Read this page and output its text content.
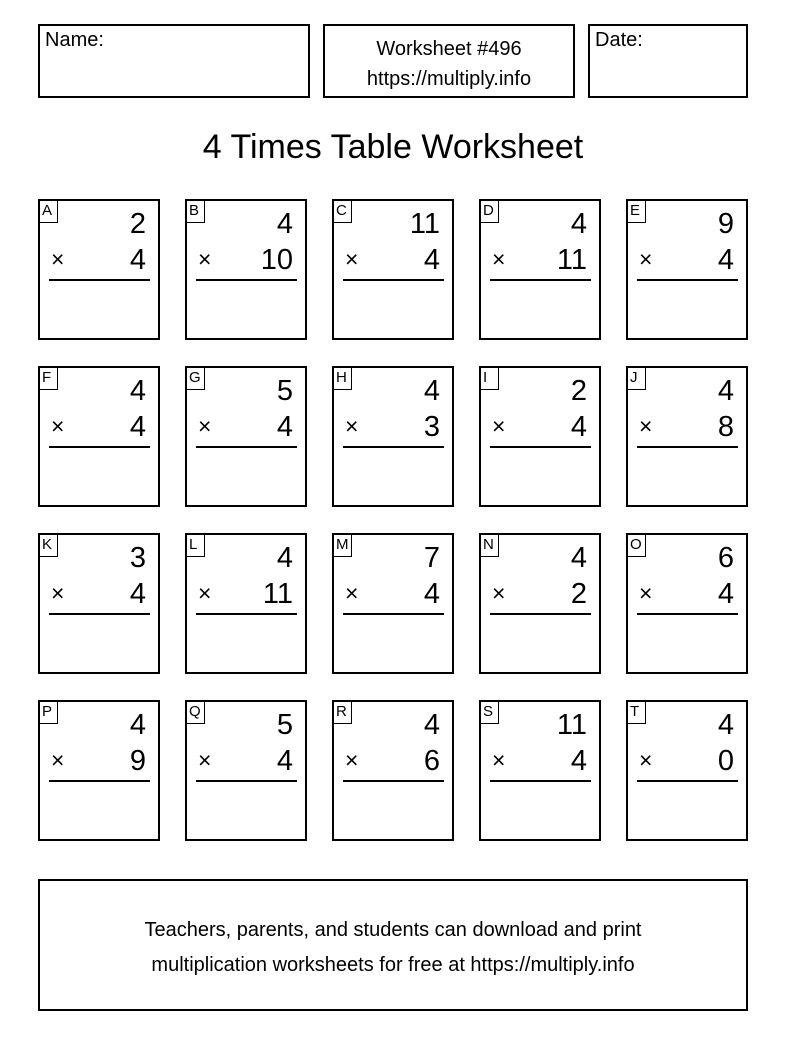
Name:	Worksheet #496
https://multiply.info
Date:
4 Times Table Worksheet
A	2
× 4
B	4
× 10
C 11
× 4
D	4
× 11
E	9
× 4
F	4
× 4
G	5
× 4
H	4
× 3
I	2
× 4
J	4
× 8
K	3
× 4
L	4
× 11
M	7
× 4
N	4
× 2
O	6
× 4
P	4
× 9
Q	5
× 4
R	4
× 6
S 11
× 4
T	4
× 0
Teachers, parents, and students can download and print
multiplication worksheets for free at https://multiply.info
